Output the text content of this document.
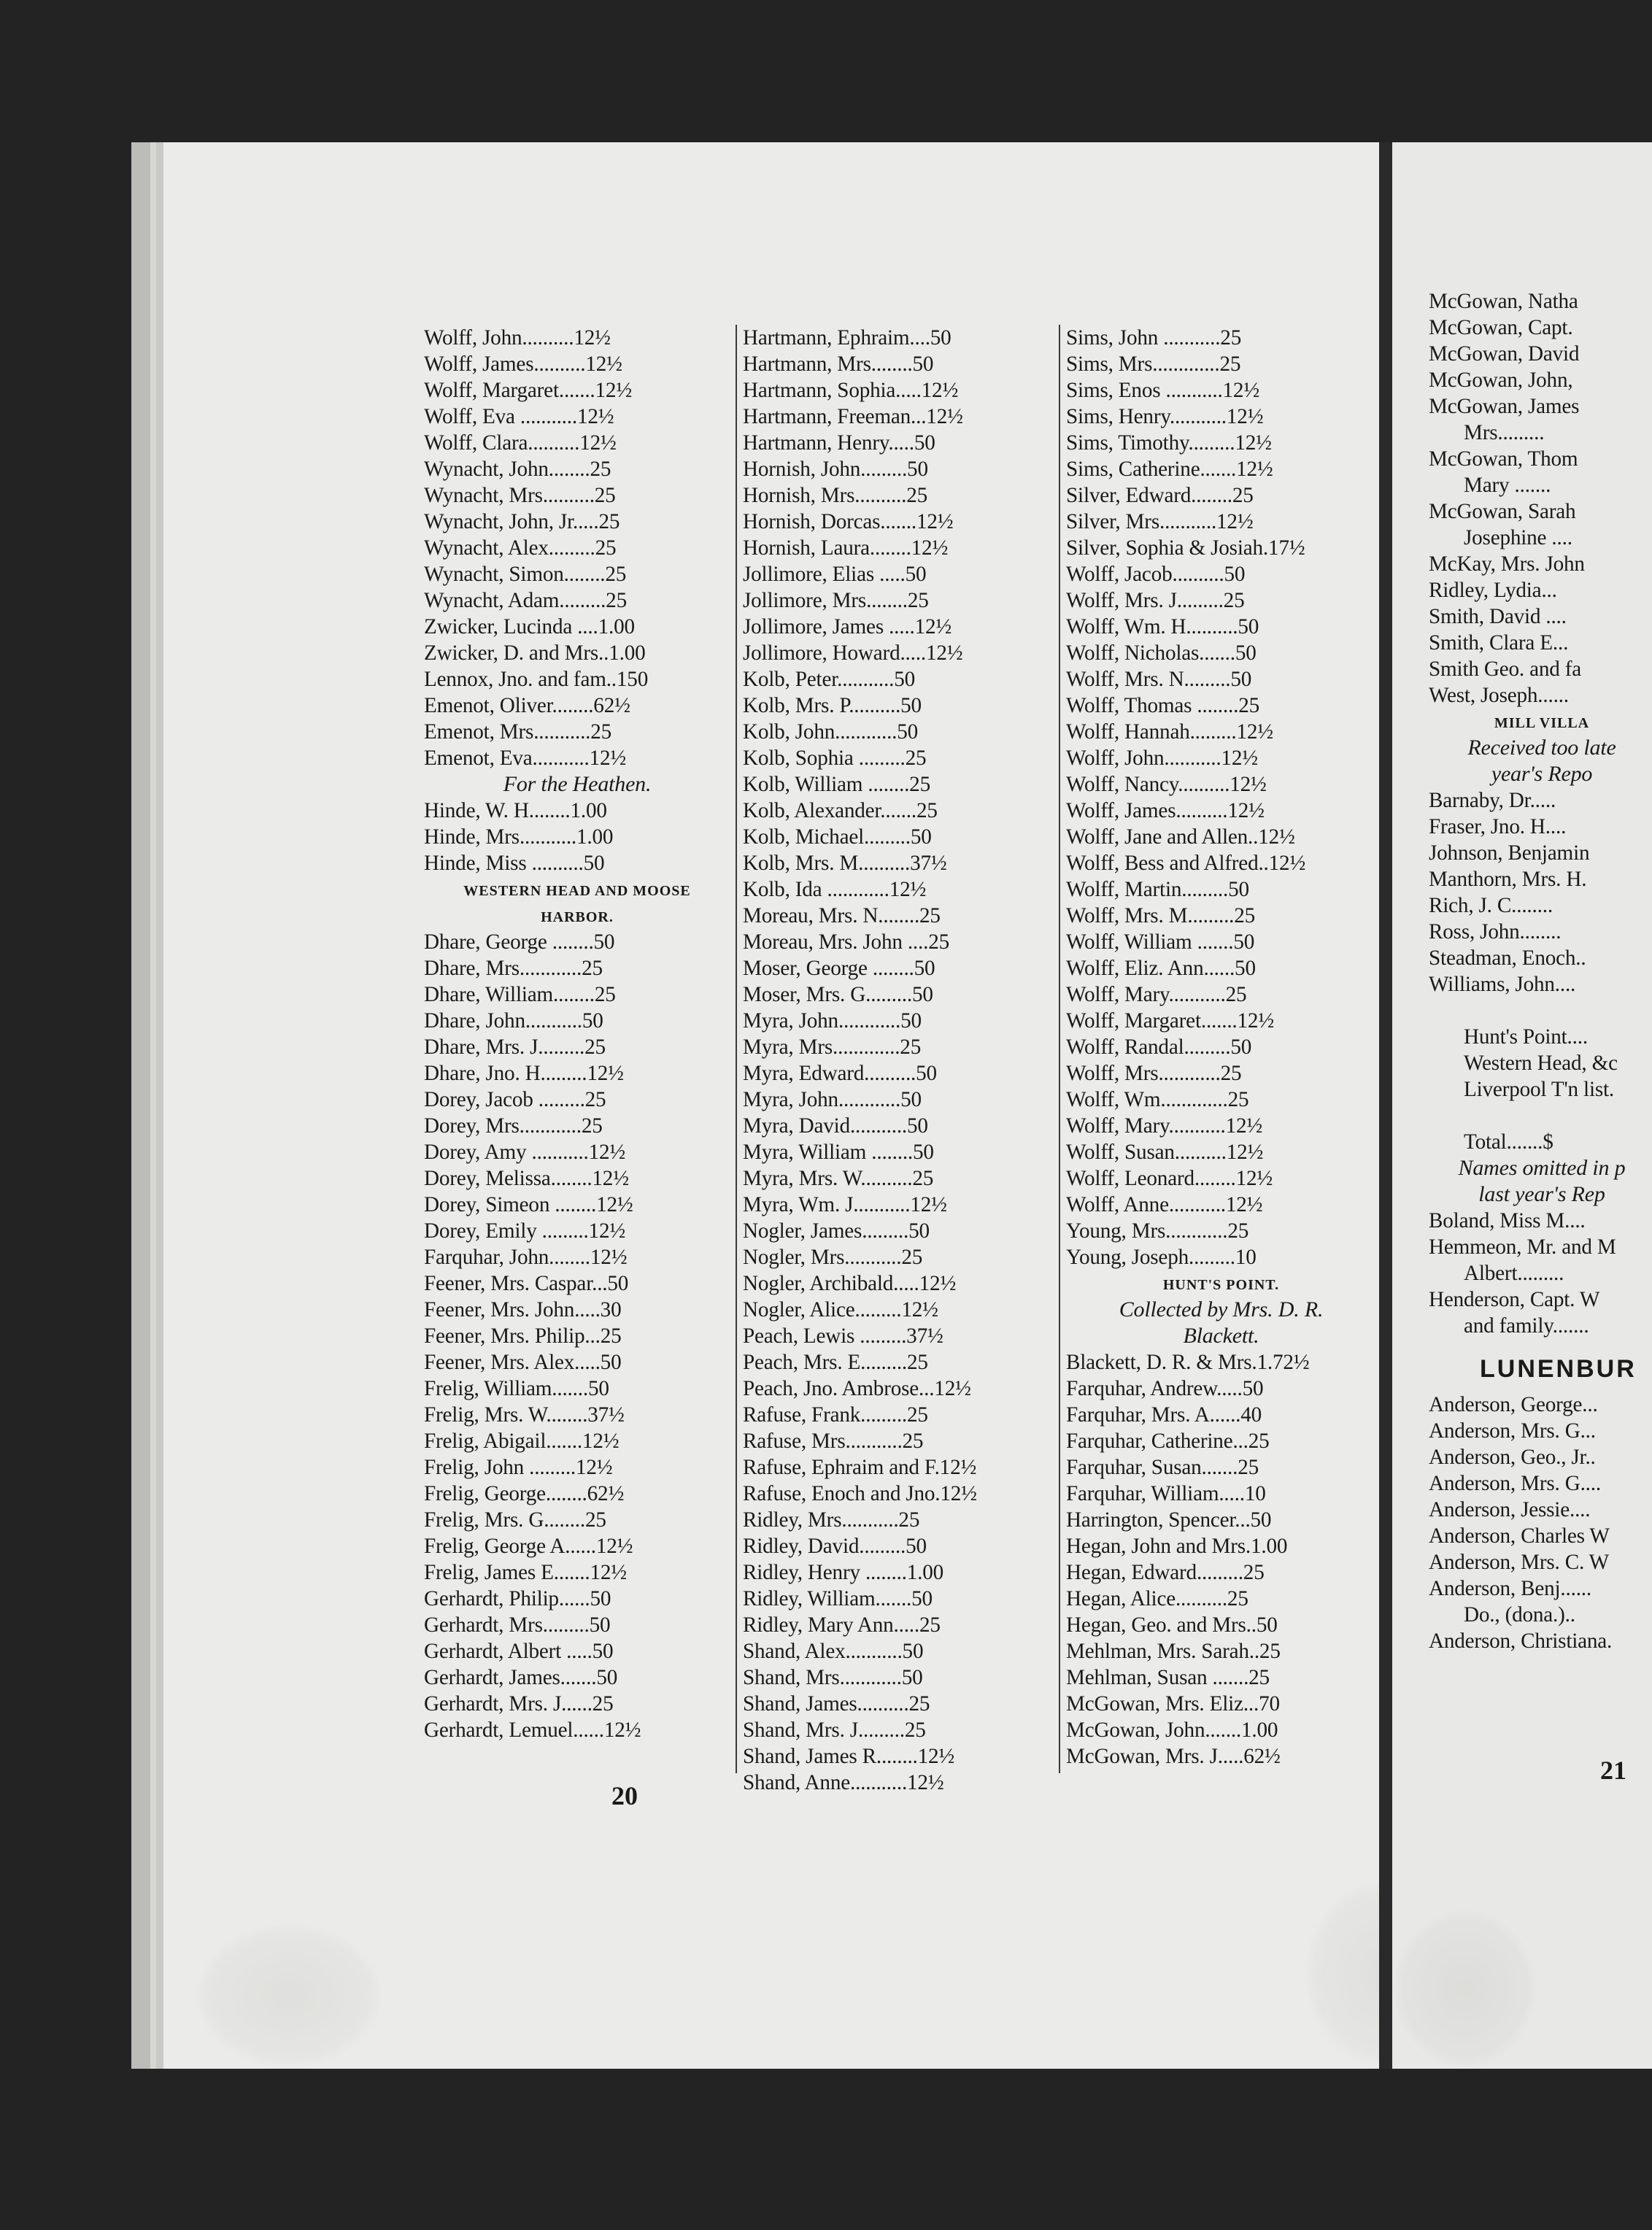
Wolff, John..........12½
Wolff, James..........12½
Wolff, Margaret.......12½
Wolff, Eva ...........12½
Wolff, Clara..........12½
Wynacht, John........25
Wynacht, Mrs..........25
Wynacht, John, Jr.....25
Wynacht, Alex.........25
Wynacht, Simon........25
Wynacht, Adam.........25
Zwicker, Lucinda ....1.00
Zwicker, D. and Mrs..1.00
Lennox, Jno. and fam..150
Emenot, Oliver........62½
Emenot, Mrs...........25
Emenot, Eva...........12½
For the Heathen.
Hinde, W. H........1.00
Hinde, Mrs...........1.00
Hinde, Miss ..........50
WESTERN HEAD AND MOOSE
HARBOR.
Dhare, George ........50
Dhare, Mrs............25
Dhare, William........25
Dhare, John...........50
Dhare, Mrs. J.........25
Dhare, Jno. H.........12½
Dorey, Jacob .........25
Dorey, Mrs............25
Dorey, Amy ...........12½
Dorey, Melissa........12½
Dorey, Simeon ........12½
Dorey, Emily .........12½
Farquhar, John........12½
Feener, Mrs. Caspar...50
Feener, Mrs. John.....30
Feener, Mrs. Philip...25
Feener, Mrs. Alex.....50
Frelig, William.......50
Frelig, Mrs. W........37½
Frelig, Abigail.......12½
Frelig, John .........12½
Frelig, George........62½
Frelig, Mrs. G........25
Frelig, George A......12½
Frelig, James E.......12½
Gerhardt, Philip......50
Gerhardt, Mrs.........50
Gerhardt, Albert .....50
Gerhardt, James.......50
Gerhardt, Mrs. J......25
Gerhardt, Lemuel......12½
Hartmann, Ephraim....50
Hartmann, Mrs........50
Hartmann, Sophia.....12½
Hartmann, Freeman...12½
Hartmann, Henry.....50
Hornish, John.........50
Hornish, Mrs..........25
Hornish, Dorcas.......12½
Hornish, Laura........12½
Jollimore, Elias .....50
Jollimore, Mrs........25
Jollimore, James .....12½
Jollimore, Howard.....12½
Kolb, Peter...........50
Kolb, Mrs. P..........50
Kolb, John............50
Kolb, Sophia .........25
Kolb, William ........25
Kolb, Alexander.......25
Kolb, Michael.........50
Kolb, Mrs. M..........37½
Kolb, Ida ............12½
Moreau, Mrs. N........25
Moreau, Mrs. John ....25
Moser, George ........50
Moser, Mrs. G.........50
Myra, John............50
Myra, Mrs.............25
Myra, Edward..........50
Myra, John............50
Myra, David...........50
Myra, William ........50
Myra, Mrs. W..........25
Myra, Wm. J...........12½
Nogler, James.........50
Nogler, Mrs...........25
Nogler, Archibald.....12½
Nogler, Alice.........12½
Peach, Lewis .........37½
Peach, Mrs. E.........25
Peach, Jno. Ambrose...12½
Rafuse, Frank.........25
Rafuse, Mrs...........25
Rafuse, Ephraim and F.12½
Rafuse, Enoch and Jno.12½
Ridley, Mrs...........25
Ridley, David.........50
Ridley, Henry ........1.00
Ridley, William.......50
Ridley, Mary Ann.....25
Shand, Alex...........50
Shand, Mrs............50
Shand, James..........25
Shand, Mrs. J.........25
Shand, James R........12½
Shand, Anne...........12½
Sims, John ...........25
Sims, Mrs.............25
Sims, Enos ...........12½
Sims, Henry...........12½
Sims, Timothy.........12½
Sims, Catherine.......12½
Silver, Edward........25
Silver, Mrs...........12½
Silver, Sophia & Josiah.17½
Wolff, Jacob..........50
Wolff, Mrs. J.........25
Wolff, Wm. H..........50
Wolff, Nicholas.......50
Wolff, Mrs. N.........50
Wolff, Thomas ........25
Wolff, Hannah.........12½
Wolff, John...........12½
Wolff, Nancy..........12½
Wolff, James..........12½
Wolff, Jane and Allen..12½
Wolff, Bess and Alfred..12½
Wolff, Martin.........50
Wolff, Mrs. M.........25
Wolff, William .......50
Wolff, Eliz. Ann......50
Wolff, Mary...........25
Wolff, Margaret.......12½
Wolff, Randal.........50
Wolff, Mrs............25
Wolff, Wm.............25
Wolff, Mary...........12½
Wolff, Susan..........12½
Wolff, Leonard........12½
Wolff, Anne...........12½
Young, Mrs............25
Young, Joseph.........10
HUNT'S POINT.
Collected by Mrs. D. R.
Blackett.
Blackett, D. R. & Mrs.1.72½
Farquhar, Andrew.....50
Farquhar, Mrs. A......40
Farquhar, Catherine...25
Farquhar, Susan.......25
Farquhar, William.....10
Harrington, Spencer...50
Hegan, John and Mrs.1.00
Hegan, Edward.........25
Hegan, Alice..........25
Hegan, Geo. and Mrs..50
Mehlman, Mrs. Sarah..25
Mehlman, Susan .......25
McGowan, Mrs. Eliz...70
McGowan, John.......1.00
McGowan, Mrs. J.....62½
20
McGowan, Natha
McGowan, Capt.
McGowan, David
McGowan, John,
McGowan, James
Mrs.........
McGowan, Thom
Mary .......
McGowan, Sarah
Josephine ....
McKay, Mrs. John
Ridley, Lydia...
Smith, David ....
Smith, Clara E...
Smith Geo. and fa
West, Joseph......
MILL VILLA
Received too late
year's Repo
Barnaby, Dr.....
Fraser, Jno. H....
Johnson, Benjamin
Manthorn, Mrs. H.
Rich, J. C........
Ross, John........
Steadman, Enoch..
Williams, John....
Hunt's Point....
Western Head, &c
Liverpool T'n list.
Total.......$
Names omitted in p
last year's Rep
Boland, Miss M....
Hemmeon, Mr. and M
Albert.........
Henderson, Capt. W
and family.......
LUNENBUR
Anderson, George...
Anderson, Mrs. G...
Anderson, Geo., Jr..
Anderson, Mrs. G....
Anderson, Jessie....
Anderson, Charles W
Anderson, Mrs. C. W
Anderson, Benj......
Do., (dona.)..
Anderson, Christiana.
21
